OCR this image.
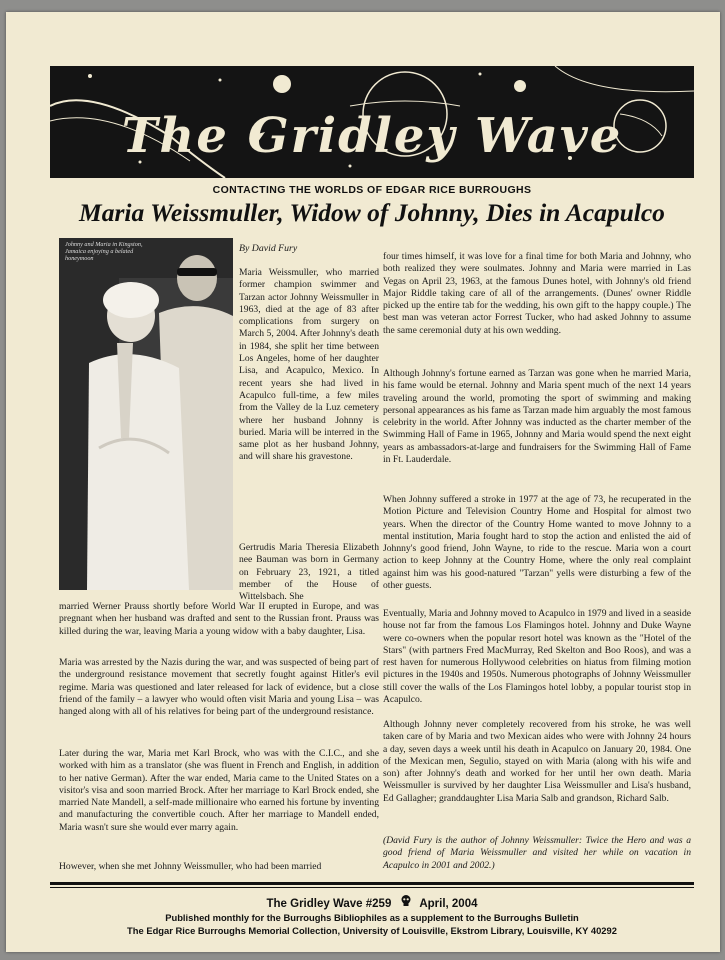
The Gridley Wave
CONTACTING THE WORLDS OF EDGAR RICE BURROUGHS
Maria Weissmuller, Widow of Johnny, Dies in Acapulco
Johnny and Maria in Kingston, Jamaica enjoying a belated honeymoon
By David Fury

Maria Weissmuller, who married former champion swimmer and Tarzan actor Johnny Weissmuller in 1963, died at the age of 83 after complications from surgery on March 5, 2004. After Johnny's death in 1984, she split her time between Los Angeles, home of her daughter Lisa, and Acapulco, Mexico. In recent years she had lived in Acapulco full-time, a few miles from the Valley de la Luz cemetery where her husband Johnny is buried. Maria will be interred in the same plot as her husband Johnny, and will share his gravestone.

Gertrudis Maria Theresia Elizabeth nee Bauman was born in Germany on February 23, 1921, a titled member of the House of Wittelsbach. She

married Werner Prauss shortly before World War II erupted in Europe, and was pregnant when her husband was drafted and sent to the Russian front. Prauss was killed during the war, leaving Maria a young widow with a baby daughter, Lisa.

Maria was arrested by the Nazis during the war, and was suspected of being part of the underground resistance movement that secretly fought against Hitler's evil regime. Maria was questioned and later released for lack of evidence, but a close friend of the family – a lawyer who would often visit Maria and young Lisa – was hanged along with all of his relatives for being part of the underground resistance.

Later during the war, Maria met Karl Brock, who was with the C.I.C., and she worked with him as a translator (she was fluent in French and English, in addition to her native German). After the war ended, Maria came to the United States on a visitor's visa and soon married Brock. After her marriage to Karl Brock ended, she married Nate Mandell, a self-made millionaire who earned his fortune by inventing and manufacturing the convertible couch. After her marriage to Mandell ended, Maria wasn't sure she would ever marry again.

However, when she met Johnny Weissmuller, who had been married

four times himself, it was love for a final time for both Maria and Johnny, who both realized they were soulmates. Johnny and Maria were married in Las Vegas on April 23, 1963, at the famous Dunes hotel, with Johnny's old friend Major Riddle taking care of all of the arrangements. (Dunes' owner Riddle picked up the entire tab for the wedding, his own gift to the happy couple.) The best man was veteran actor Forrest Tucker, who had asked Johnny to assume the same ceremonial duty at his own wedding.

Although Johnny's fortune earned as Tarzan was gone when he married Maria, his fame would be eternal. Johnny and Maria spent much of the next 14 years traveling around the world, promoting the sport of swimming and making personal appearances as his fame as Tarzan made him arguably the most famous celebrity in the world. After Johnny was inducted as the charter member of the Swimming Hall of Fame in 1965, Johnny and Maria would spend the next eight years as ambassadors-at-large and fundraisers for the Swimming Hall of Fame in Ft. Lauderdale.

When Johnny suffered a stroke in 1977 at the age of 73, he recuperated in the Motion Picture and Television Country Home and Hospital for almost two years. When the director of the Country Home wanted to move Johnny to a mental institution, Maria fought hard to stop the action and enlisted the aid of Johnny's good friend, John Wayne, to ride to the rescue. Maria won a court action to keep Johnny at the Country Home, where the only real complaint against him was his good-natured "Tarzan" yells were disturbing a few of the other guests.

Eventually, Maria and Johnny moved to Acapulco in 1979 and lived in a seaside house not far from the famous Los Flamingos hotel. Johnny and Duke Wayne were co-owners when the popular resort hotel was known as the "Hotel of the Stars" (with partners Fred MacMurray, Red Skelton and Boo Roos), and was a rest haven for numerous Hollywood celebrities on hiatus from filming motion pictures in the 1940s and 1950s. Numerous photographs of Johnny Weissmuller still cover the walls of the Los Flamingos hotel lobby, a popular tourist stop in Acapulco.

Although Johnny never completely recovered from his stroke, he was well taken care of by Maria and two Mexican aides who were with Johnny 24 hours a day, seven days a week until his death in Acapulco on January 20, 1984. One of the Mexican men, Segulio, stayed on with Maria (along with his wife and son) after Johnny's death and worked for her until her own death. Maria Weissmuller is survived by her daughter Lisa Weissmuller and Lisa's husband, Ed Gallagher; granddaughter Lisa Maria Salb and grandson, Richard Salb.

(David Fury is the author of Johnny Weissmuller: Twice the Hero and was a good friend of Maria Weissmuller and visited her while on vacation in Acapulco in 2001 and 2002.)

The Gridley Wave #259 April, 2004
Published monthly for the Burroughs Bibliophiles as a supplement to the Burroughs Bulletin
The Edgar Rice Burroughs Memorial Collection, University of Louisville, Ekstrom Library, Louisville, KY 40292
